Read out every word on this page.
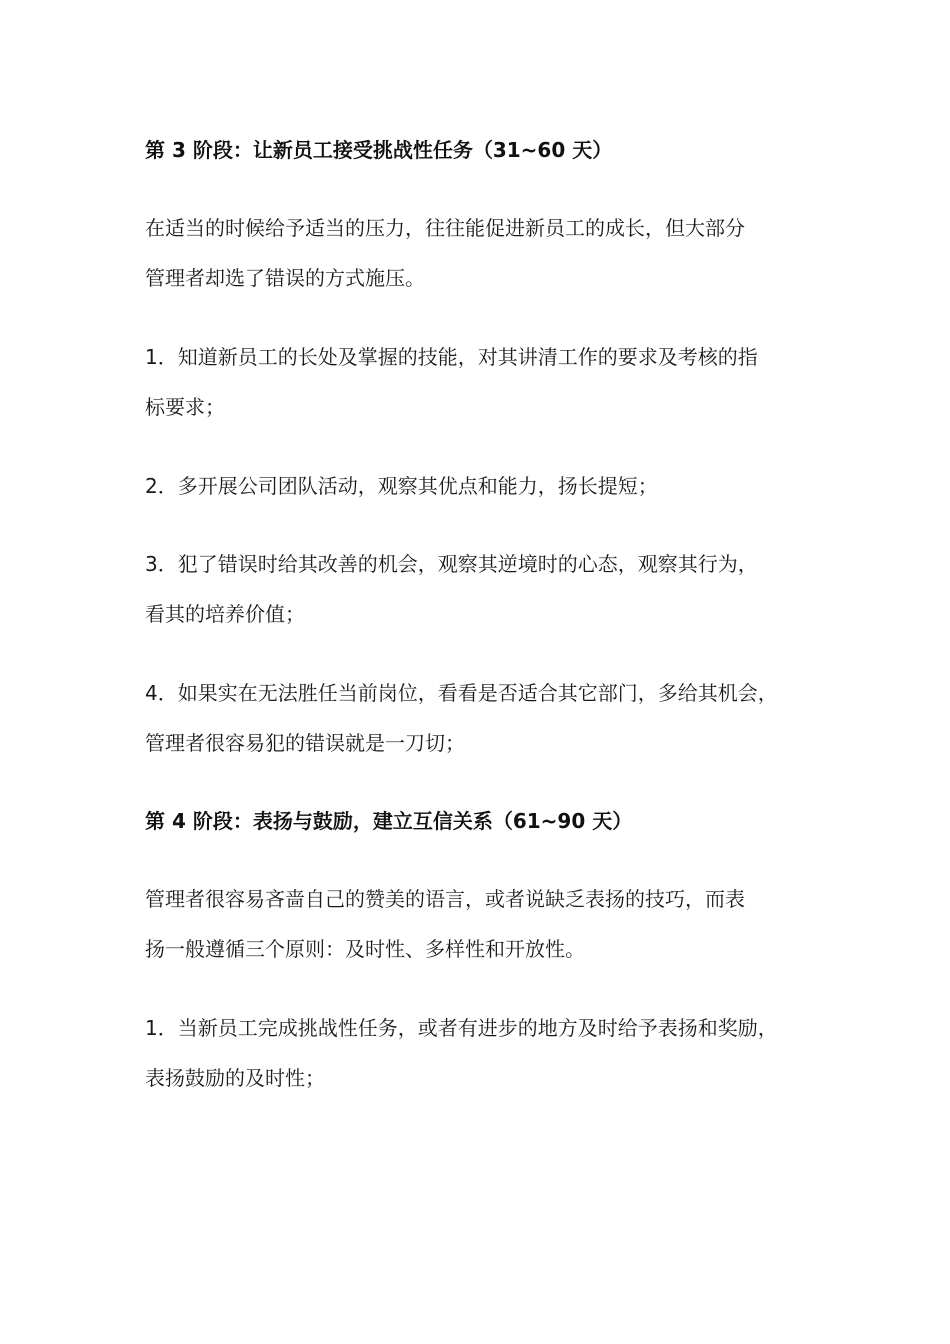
第 3 阶段：让新员工接受挑战性任务（31~60 天）
在适当的时候给予适当的压力，往往能促进新员工的成长，但大部分
管理者却选了错误的方式施压。
1．知道新员工的长处及掌握的技能，对其讲清工作的要求及考核的指
标要求；
2．多开展公司团队活动，观察其优点和能力，扬长提短；
3．犯了错误时给其改善的机会，观察其逆境时的心态，观察其行为，
看其的培养价值；
4．如果实在无法胜任当前岗位，看看是否适合其它部门，多给其机会，
管理者很容易犯的错误就是一刀切；
第 4 阶段：表扬与鼓励，建立互信关系（61~90 天）
管理者很容易吝啬自己的赞美的语言，或者说缺乏表扬的技巧，而表
扬一般遵循三个原则：及时性、多样性和开放性。
1．当新员工完成挑战性任务，或者有进步的地方及时给予表扬和奖励，
表扬鼓励的及时性；
